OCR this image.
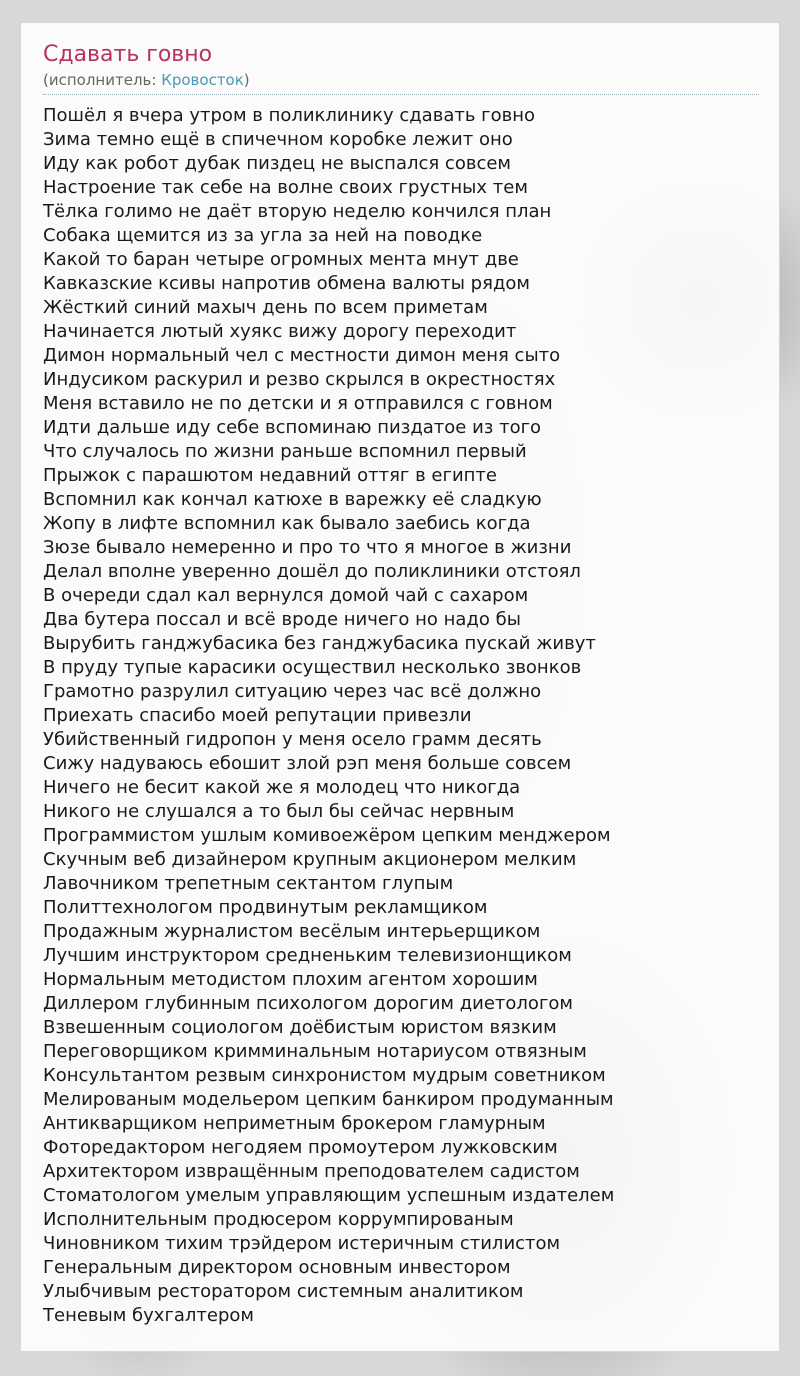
Сдавать говно
(исполнитель: Кровосток)
Пошёл я вчера утром в поликлинику сдавать говно
Зима темно ещё в спичечном коробке лежит оно
Иду как робот дубак пиздец не выспался совсем
Настроение так себе на волне своих грустных тем
Тёлка голимо не даёт вторую неделю кончился план
Собака щемится из за угла за ней на поводке
Какой то баран четыре огромных мента мнут две
Кавказские ксивы напротив обмена валюты рядом
Жёсткий синий махыч день по всем приметам
Начинается лютый хуякс вижу дорогу переходит
Димон нормальный чел с местности димон меня сыто
Индусиком раскурил и резво скрылся в окрестностях
Меня вставило не по детски и я отправился с говном
Идти дальше иду себе вспоминаю пиздатое из того
Что случалось по жизни раньше вспомнил первый
Прыжок с парашютом недавний оттяг в египте
Вспомнил как кончал катюхе в варежку её сладкую
Жопу в лифте вспомнил как бывало заебись когда
Зюзе бывало немеренно и про то что я многое в жизни
Делал вполне уверенно дошёл до поликлиники отстоял
В очереди сдал кал вернулся домой чай с сахаром
Два бутера поссал и всё вроде ничего но надо бы
Вырубить ганджубасика без ганджубасика пускай живут
В пруду тупые карасики осуществил несколько звонков
Грамотно разрулил ситуацию через час всё должно
Приехать спасибо моей репутации привезли
Убийственный гидропон у меня осело грамм десять
Сижу надуваюсь ебошит злой рэп меня больше совсем
Ничего не бесит какой же я молодец что никогда
Никого не слушался а то был бы сейчас нервным
Программистом ушлым комивоежёром цепким менджером
Скучным веб дизайнером крупным акционером мелким
Лавочником трепетным сектантом глупым
Политтехнологом продвинутым рекламщиком
Продажным журналистом весёлым интерьерщиком
Лучшим инструктором средненьким телевизионщиком
Нормальным методистом плохим агентом хорошим
Диллером глубинным психологом дорогим диетологом
Взвешенным социологом доёбистым юристом вязким
Переговорщиком кримминальным нотариусом отвязным
Консультантом резвым синхронистом мудрым советником
Мелированым модельером цепким банкиром продуманным
Антикварщиком неприметным брокером гламурным
Фоторедактором негодяем промоутером лужковским
Архитектором извращённым преподователем садистом
Стоматологом умелым управляющим успешным издателем
Исполнительным продюсером коррумпированым
Чиновником тихим трэйдером истеричным стилистом
Генеральным директором основным инвестором
Улыбчивым ресторатором системным аналитиком
Теневым бухгалтером
